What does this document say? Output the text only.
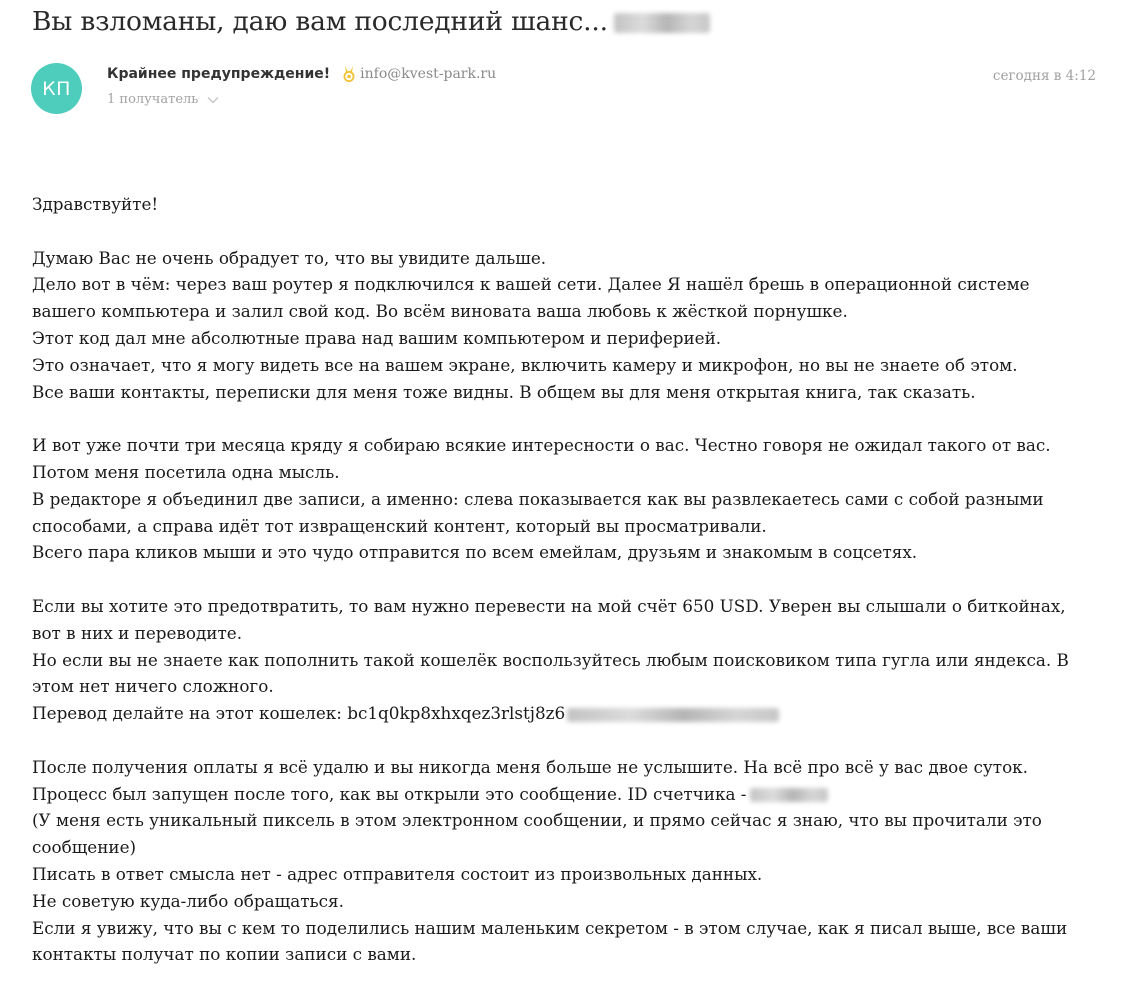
Вы взломаны, даю вам последний шанс...
КП
Крайнее предупреждение! info@kvest-park.ru
1 получатель
сегодня в 4:12

Здравствуйте!

Думаю Вас не очень обрадует то, что вы увидите дальше.
Дело вот в чём: через ваш роутер я подключился к вашей сети. Далее Я нашёл брешь в операционной системе
вашего компьютера и залил свой код. Во всём виновата ваша любовь к жёсткой порнушке.
Этот код дал мне абсолютные права над вашим компьютером и периферией.
Это означает, что я могу видеть все на вашем экране, включить камеру и микрофон, но вы не знаете об этом.
Все ваши контакты, переписки для меня тоже видны. В общем вы для меня открытая книга, так сказать.

И вот уже почти три месяца кряду я собираю всякие интересности о вас. Честно говоря не ожидал такого от вас.
Потом меня посетила одна мысль.
В редакторе я объединил две записи, а именно: слева показывается как вы развлекаетесь сами с собой разными
способами, а справа идёт тот извращенский контент, который вы просматривали.
Всего пара кликов мыши и это чудо отправится по всем емейлам, друзьям и знакомым в соцсетях.

Если вы хотите это предотвратить, то вам нужно перевести на мой счёт 650 USD. Уверен вы слышали о биткойнах,
вот в них и переводите.
Но если вы не знаете как пополнить такой кошелёк воспользуйтесь любым поисковиком типа гугла или яндекса. В
этом нет ничего сложного.
Перевод делайте на этот кошелек: bc1q0kp8xhxqez3rlstj8z6

После получения оплаты я всё удалю и вы никогда меня больше не услышите. На всё про всё у вас двое суток.
Процесс был запущен после того, как вы открыли это сообщение. ID счетчика -
(У меня есть уникальный пиксель в этом электронном сообщении, и прямо сейчас я знаю, что вы прочитали это
сообщение)
Писать в ответ смысла нет - адрес отправителя состоит из произвольных данных.
Не советую куда-либо обращаться.
Если я увижу, что вы с кем то поделились нашим маленьким секретом - в этом случае, как я писал выше, все ваши
контакты получат по копии записи с вами.
